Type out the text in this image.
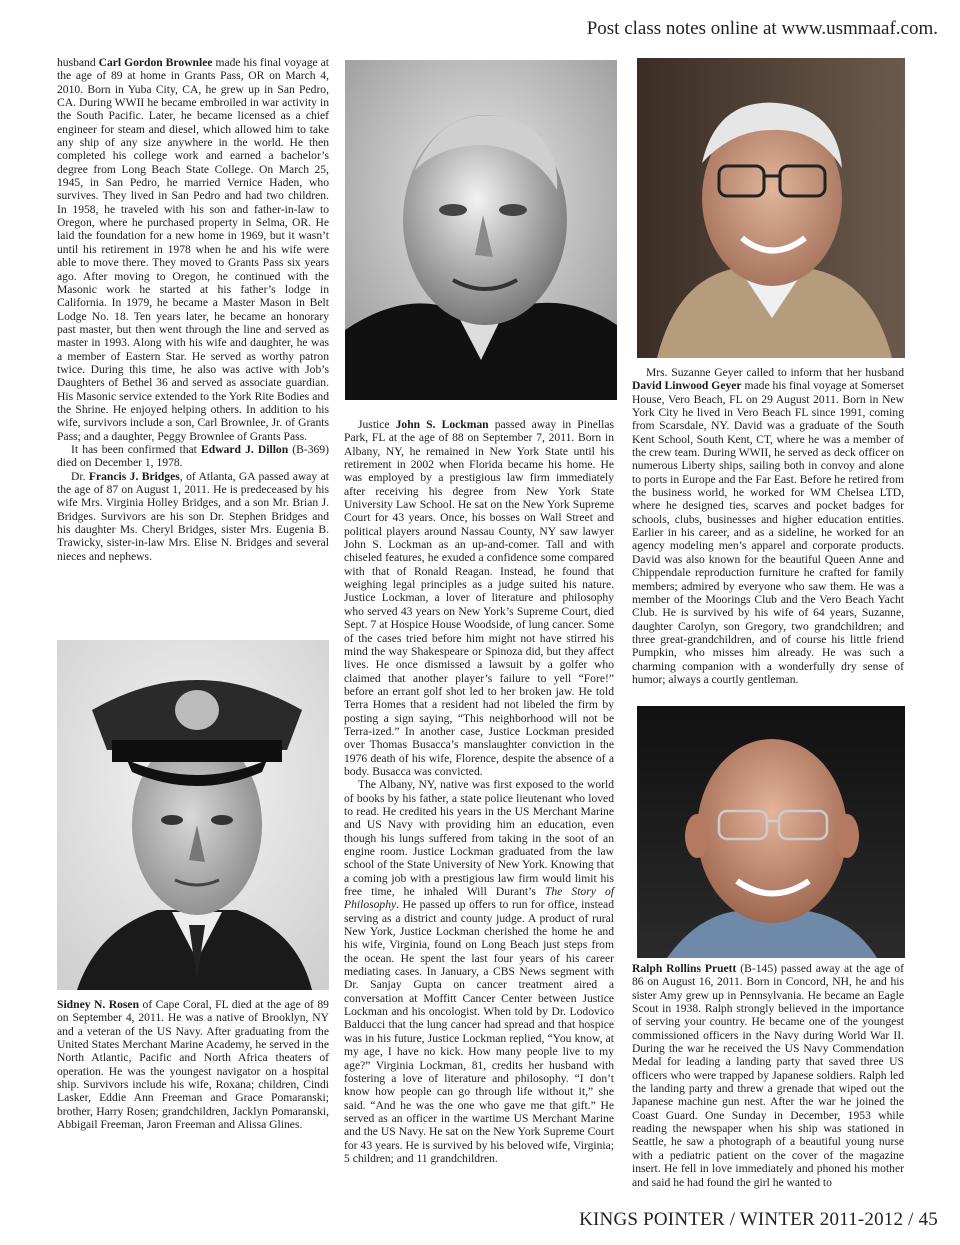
Post class notes online at www.usmmaaf.com.

husband Carl Gordon Brownlee made his final voyage at the age of 89 at home in Grants Pass, OR on March 4, 2010. Born in Yuba City, CA, he grew up in San Pedro, CA. During WWII he became embroiled in war activity in the South Pacific. Later, he became licensed as a chief engineer for steam and diesel, which allowed him to take any ship of any size anywhere in the world. He then completed his college work and earned a bachelor’s degree from Long Beach State College. On March 25, 1945, in San Pedro, he married Vernice Haden, who survives. They lived in San Pedro and had two children. In 1958, he traveled with his son and father-in-law to Oregon, where he purchased property in Selma, OR. He laid the foundation for a new home in 1969, but it wasn’t until his retirement in 1978 when he and his wife were able to move there. They moved to Grants Pass six years ago. After moving to Oregon, he continued with the Masonic work he started at his father’s lodge in California. In 1979, he became a Master Mason in Belt Lodge No. 18. Ten years later, he became an honorary past master, but then went through the line and served as master in 1993. Along with his wife and daughter, he was a member of Eastern Star. He served as worthy patron twice. During this time, he also was active with Job’s Daughters of Bethel 36 and served as associate guardian. His Masonic service extended to the York Rite Bodies and the Shrine. He enjoyed helping others. In addition to his wife, survivors include a son, Carl Brownlee, Jr. of Grants Pass; and a daughter, Peggy Brownlee of Grants Pass.

It has been confirmed that Edward J. Dillon (B-369) died on December 1, 1978.

Dr. Francis J. Bridges, of Atlanta, GA passed away at the age of 87 on August 1, 2011. He is predeceased by his wife Mrs. Virginia Holley Bridges, and a son Mr. Brian J. Bridges. Survivors are his son Dr. Stephen Bridges and his daughter Ms. Cheryl Bridges, sister Mrs. Eugenia B. Trawicky, sister-in-law Mrs. Elise N. Bridges and several nieces and nephews.

Sidney N. Rosen of Cape Coral, FL died at the age of 89 on September 4, 2011. He was a native of Brooklyn, NY and a veteran of the US Navy. After graduating from the United States Merchant Marine Academy, he served in the North Atlantic, Pacific and North Africa theaters of operation. He was the youngest navigator on a hospital ship. Survivors include his wife, Roxana; children, Cindi Lasker, Eddie Ann Freeman and Grace Pomaranski; brother, Harry Rosen; grandchildren, Jacklyn Pomaranski, Abbigail Freeman, Jaron Freeman and Alissa Glines.

Justice John S. Lockman passed away in Pinellas Park, FL at the age of 88 on September 7, 2011. Born in Albany, NY, he remained in New York State until his retirement in 2002 when Florida became his home. He was employed by a prestigious law firm immediately after receiving his degree from New York State University Law School. He sat on the New York Supreme Court for 43 years. Once, his bosses on Wall Street and political players around Nassau County, NY saw lawyer John S. Lockman as an up-and-comer. Tall and with chiseled features, he exuded a confidence some compared with that of Ronald Reagan. Instead, he found that weighing legal principles as a judge suited his nature. Justice Lockman, a lover of literature and philosophy who served 43 years on New York’s Supreme Court, died Sept. 7 at Hospice House Woodside, of lung cancer. Some of the cases tried before him might not have stirred his mind the way Shakespeare or Spinoza did, but they affect lives. He once dismissed a lawsuit by a golfer who claimed that another player’s failure to yell “Fore!” before an errant golf shot led to her broken jaw. He told Terra Homes that a resident had not libeled the firm by posting a sign saying, “This neighborhood will not be Terra-ized.” In another case, Justice Lockman presided over Thomas Busacca’s manslaughter conviction in the 1976 death of his wife, Florence, despite the absence of a body. Busacca was convicted.

The Albany, NY, native was first exposed to the world of books by his father, a state police lieutenant who loved to read. He credited his years in the US Merchant Marine and US Navy with providing him an education, even though his lungs suffered from taking in the soot of an engine room. Justice Lockman graduated from the law school of the State University of New York. Knowing that a coming job with a prestigious law firm would limit his free time, he inhaled Will Durant’s The Story of Philosophy. He passed up offers to run for office, instead serving as a district and county judge. A product of rural New York, Justice Lockman cherished the home he and his wife, Virginia, found on Long Beach just steps from the ocean. He spent the last four years of his career mediating cases. In January, a CBS News segment with Dr. Sanjay Gupta on cancer treatment aired a conversation at Moffitt Cancer Center between Justice Lockman and his oncologist. When told by Dr. Lodovico Balducci that the lung cancer had spread and that hospice was in his future, Justice Lockman replied, “You know, at my age, I have no kick. How many people live to my age?” Virginia Lockman, 81, credits her husband with fostering a love of literature and philosophy. “I don’t know how people can go through life without it,” she said. “And he was the one who gave me that gift.” He served as an officer in the wartime US Merchant Marine and the US Navy. He sat on the New York Supreme Court for 43 years. He is survived by his beloved wife, Virginia; 5 children; and 11 grandchildren.

Mrs. Suzanne Geyer called to inform that her husband David Linwood Geyer made his final voyage at Somerset House, Vero Beach, FL on 29 August 2011. Born in New York City he lived in Vero Beach FL since 1991, coming from Scarsdale, NY. David was a graduate of the South Kent School, South Kent, CT, where he was a member of the crew team. During WWII, he served as deck officer on numerous Liberty ships, sailing both in convoy and alone to ports in Europe and the Far East. Before he retired from the business world, he worked for WM Chelsea LTD, where he designed ties, scarves and pocket badges for schools, clubs, businesses and higher education entities. Earlier in his career, and as a sideline, he worked for an agency modeling men’s apparel and corporate products. David was also known for the beautiful Queen Anne and Chippendale reproduction furniture he crafted for family members; admired by everyone who saw them. He was a member of the Moorings Club and the Vero Beach Yacht Club. He is survived by his wife of 64 years, Suzanne, daughter Carolyn, son Gregory, two grandchildren; and three great-grandchildren, and of course his little friend Pumpkin, who misses him already. He was such a charming companion with a wonderfully dry sense of humor; always a courtly gentleman.

Ralph Rollins Pruett (B-145) passed away at the age of 86 on August 16, 2011. Born in Concord, NH, he and his sister Amy grew up in Pennsylvania. He became an Eagle Scout in 1938. Ralph strongly believed in the importance of serving your country. He became one of the youngest commissioned officers in the Navy during World War II. During the war he received the US Navy Commendation Medal for leading a landing party that saved three US officers who were trapped by Japanese soldiers. Ralph led the landing party and threw a grenade that wiped out the Japanese machine gun nest. After the war he joined the Coast Guard. One Sunday in December, 1953 while reading the newspaper when his ship was stationed in Seattle, he saw a photograph of a beautiful young nurse with a pediatric patient on the cover of the magazine insert. He fell in love immediately and phoned his mother and said he had found the girl he wanted to

KINGS POINTER / WINTER 2011-2012 / 45
